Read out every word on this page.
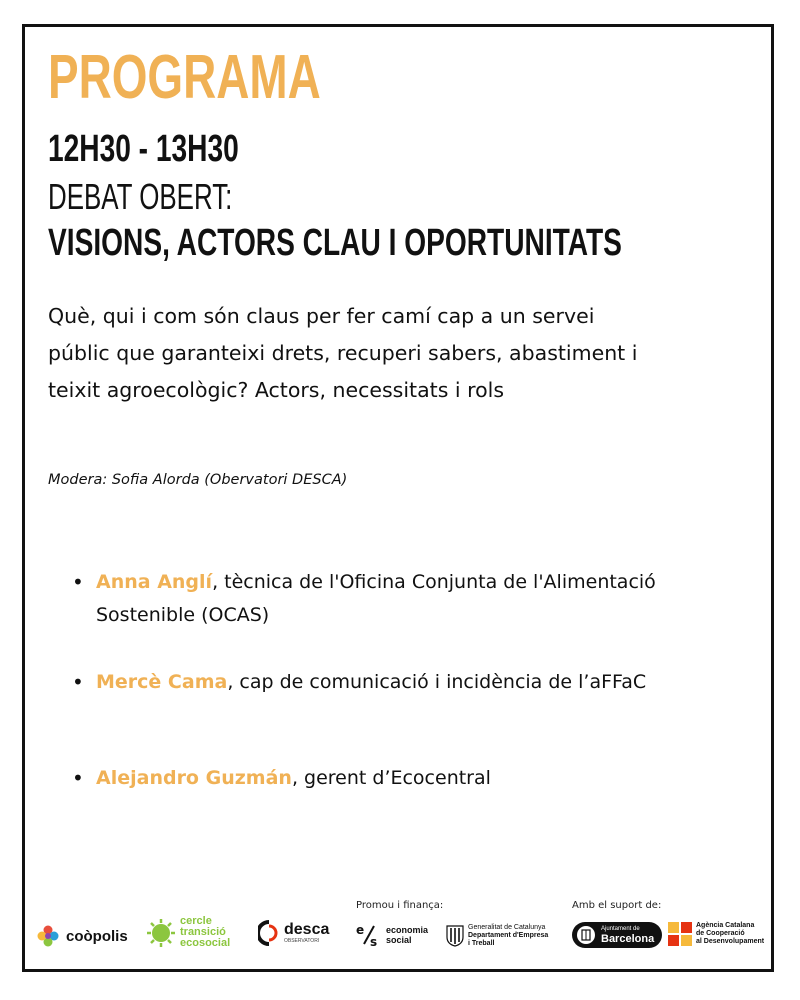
PROGRAMA
12H30 - 13H30
DEBAT OBERT:
VISIONS, ACTORS CLAU I OPORTUNITATS
Què, qui i com són claus per fer camí cap a un servei públic que garanteixi drets, recuperi sabers, abastiment i teixit agroecològic? Actors, necessitats i rols
Modera: Sofia Alorda (Obervatori DESCA)
• Anna Anglí, tècnica de l'Oficina Conjunta de l'Alimentació Sostenible (OCAS)
• Mercè Cama, cap de comunicació i incidència de l’aFFaC
• Alejandro Guzmán, gerent d’Ecocentral
Promou i finança:	Amb el suport de:
coòpolis
cercle
transició
ecosocial
desca
OBSERVATORI
e
s
economia
social
Generalitat de Catalunya
Departament d'Empresa
i Treball
Ajuntament de
Barcelona
Agència Catalana
de Cooperació
al Desenvolupament
